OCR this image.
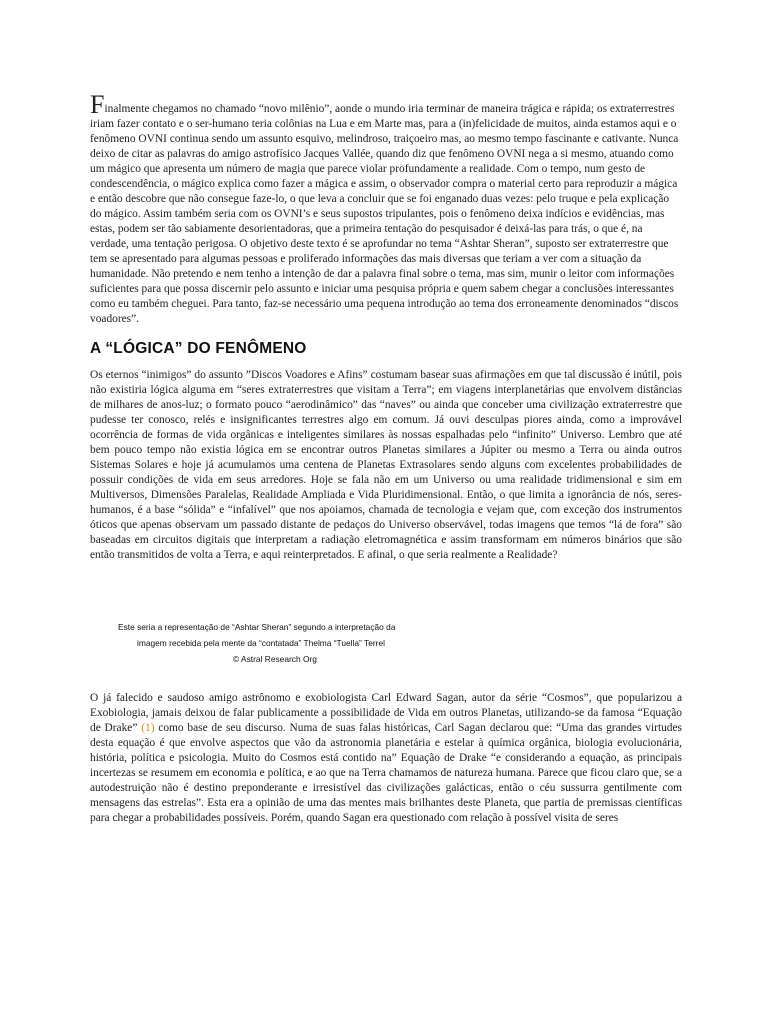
Finalmente chegamos no chamado “novo milênio”, aonde o mundo iria terminar de maneira trágica e rápida; os extraterrestres iriam fazer contato e o ser-humano teria colônias na Lua e em Marte mas, para a (in)felicidade de muitos, ainda estamos aqui e o fenômeno OVNI continua sendo um assunto esquivo, melindroso, traiçoeiro mas, ao mesmo tempo fascinante e cativante. Nunca deixo de citar as palavras do amigo astrofísico Jacques Vallée, quando diz que fenômeno OVNI nega a si mesmo, atuando como um mágico que apresenta um número de magia que parece violar profundamente a realidade. Com o tempo, num gesto de condescendência, o mágico explica como fazer a mágica e assim, o observador compra o material certo para reproduzir a mágica e então descobre que não consegue faze-lo, o que leva a concluir que se foi enganado duas vezes: pelo truque e pela explicação do mágico. Assim também seria com os OVNI’s e seus supostos tripulantes, pois o fenômeno deixa indícios e evidências, mas estas, podem ser tão sabiamente desorientadoras, que a primeira tentação do pesquisador é deixá-las para trás, o que é, na verdade, uma tentação perigosa. O objetivo deste texto é se aprofundar no tema “Ashtar Sheran”, suposto ser extraterrestre que tem se apresentado para algumas pessoas e proliferado informações das mais diversas que teriam a ver com a situação da humanidade. Não pretendo e nem tenho a intenção de dar a palavra final sobre o tema, mas sim, munir o leitor com informações suficientes para que possa discernir pelo assunto e iniciar uma pesquisa própria e quem sabem chegar a conclusões interessantes como eu também cheguei. Para tanto, faz-se necessário uma pequena introdução ao tema dos erroneamente denominados “discos voadores”.

A “LÓGICA” DO FENÔMENO

Os eternos “inimigos” do assunto ”Discos Voadores e Afins” costumam basear suas afirmações em que tal discussão é inútil, pois não existiria lógica alguma em “seres extraterrestres que visitam a Terra”; em viagens interplanetárias que envolvem distâncias de milhares de anos-luz; o formato pouco “aerodinâmico” das “naves” ou ainda que conceber uma civilização extraterrestre que pudesse ter conosco, relés e insignificantes terrestres algo em comum. Já ouvi desculpas piores ainda, como a improvável ocorrência de formas de vida orgânicas e inteligentes similares às nossas espalhadas pelo “infinito” Universo. Lembro que até bem pouco tempo não existia lógica em se encontrar outros Planetas similares a Júpiter ou mesmo a Terra ou ainda outros Sistemas Solares e hoje já acumulamos uma centena de Planetas Extrasolares sendo alguns com excelentes probabilidades de possuir condições de vida em seus arredores. Hoje se fala não em um Universo ou uma realidade tridimensional e sim em Multiversos, Dimensões Paralelas, Realidade Ampliada e Vida Pluridimensional. Então, o que limita a ignorância de nós, seres-humanos, é a base “sólida” e “infalível” que nos apoiamos, chamada de tecnologia e vejam que, com exceção dos instrumentos óticos que apenas observam um passado distante de pedaços do Universo observável, todas imagens que temos “lá de fora” são baseadas em circuitos digitais que interpretam a radiação eletromagnética e assim transformam em números binários que são então transmitidos de volta a Terra, e aqui reinterpretados. E afinal, o que seria realmente a Realidade?

Este seria a representação de “Ashtar Sheran” segundo a interpretação da
imagem recebida pela mente da “contatada” Thelma “Tuella” Terrel
© Astral Research Org

O já falecido e saudoso amigo astrônomo e exobiologista Carl Edward Sagan, autor da série “Cosmos”, que popularizou a Exobiologia, jamais deixou de falar publicamente a possibilidade de Vida em outros Planetas, utilizando-se da famosa “Equação de Drake” (1) como base de seu discurso. Numa de suas falas históricas, Carl Sagan declarou que: “Uma das grandes virtudes desta equação é que envolve aspectos que vão da astronomia planetária e estelar à química orgânica, biologia evolucionária, história, política e psicologia. Muito do Cosmos está contido na” Equação de Drake “e considerando a equação, as principais incertezas se resumem em economia e política, e ao que na Terra chamamos de natureza humana. Parece que ficou claro que, se a autodestruição não é destino preponderante e irresistível das civilizações galácticas, então o céu sussurra gentilmente com mensagens das estrelas”. Esta era a opinião de uma das mentes mais brilhantes deste Planeta, que partia de premissas científicas para chegar a probabilidades possíveis. Porém, quando Sagan era questionado com relação à possível visita de seres
